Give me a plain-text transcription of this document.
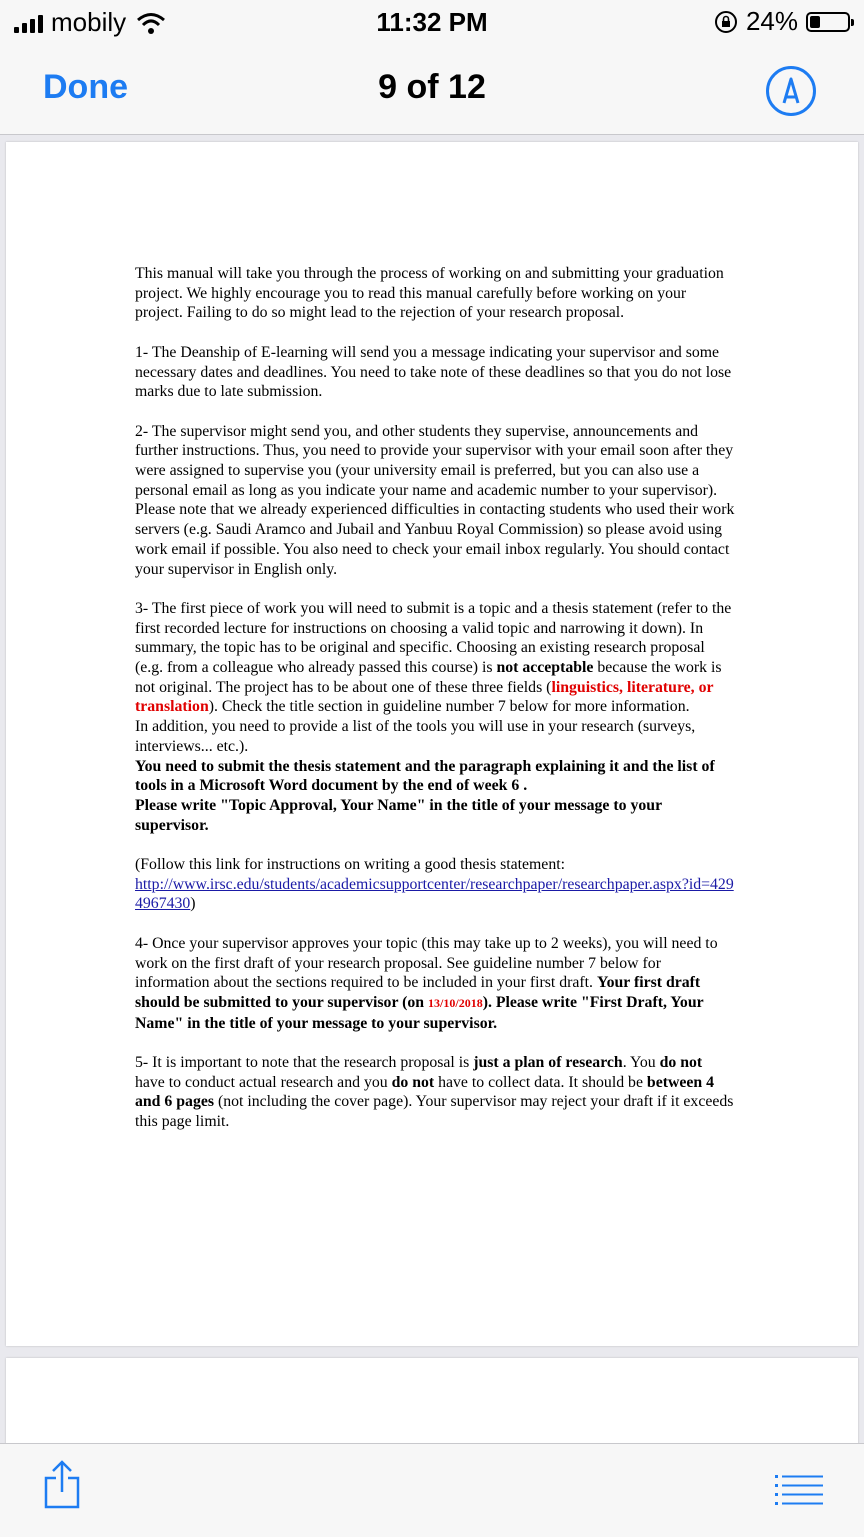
mobily	11:32 PM	24%
Done	9 of 12

This manual will take you through the process of working on and submitting your graduation project. We highly encourage you to read this manual carefully before working on your project. Failing to do so might lead to the rejection of your research proposal.

1- The Deanship of E-learning will send you a message indicating your supervisor and some necessary dates and deadlines. You need to take note of these deadlines so that you do not lose marks due to late submission.

2- The supervisor might send you, and other students they supervise, announcements and further instructions. Thus, you need to provide your supervisor with your email soon after they were assigned to supervise you (your university email is preferred, but you can also use a personal email as long as you indicate your name and academic number to your supervisor). Please note that we already experienced difficulties in contacting students who used their work servers (e.g. Saudi Aramco and Jubail and Yanbuu Royal Commission) so please avoid using work email if possible. You also need to check your email inbox regularly. You should contact your supervisor in English only.

3- The first piece of work you will need to submit is a topic and a thesis statement (refer to the first recorded lecture for instructions on choosing a valid topic and narrowing it down). In summary, the topic has to be original and specific. Choosing an existing research proposal (e.g. from a colleague who already passed this course) is not acceptable because the work is not original. The project has to be about one of these three fields (linguistics, literature, or translation). Check the title section in guideline number 7 below for more information.

In addition, you need to provide a list of the tools you will use in your research (surveys, interviews... etc.).

You need to submit the thesis statement and the paragraph explaining it and the list of tools in a Microsoft Word document by the end of week 6 .

Please write "Topic Approval, Your Name" in the title of your message to your supervisor.

(Follow this link for instructions on writing a good thesis statement:
http://www.irsc.edu/students/academicsupportcenter/researchpaper/researchpaper.aspx?id=4294967430)

4- Once your supervisor approves your topic (this may take up to 2 weeks), you will need to work on the first draft of your research proposal. See guideline number 7 below for information about the sections required to be included in your first draft. Your first draft should be submitted to your supervisor (on 13/10/2018). Please write "First Draft, Your Name" in the title of your message to your supervisor.

5- It is important to note that the research proposal is just a plan of research. You do not have to conduct actual research and you do not have to collect data. It should be between 4 and 6 pages (not including the cover page). Your supervisor may reject your draft if it exceeds this page limit.
